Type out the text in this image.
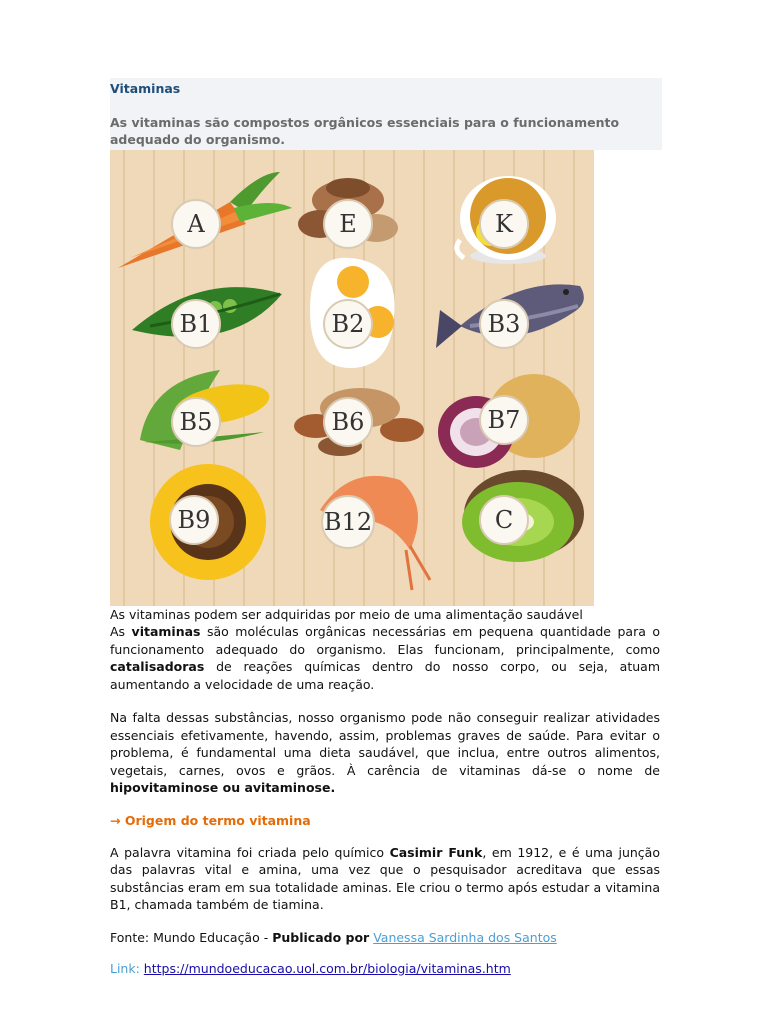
Vitaminas

As vitaminas são compostos orgânicos essenciais para o funcionamento adequado do organismo.

A	E	K
B1	B2	B3
B5	B6	B7
B9	B12	C

As vitaminas podem ser adquiridas por meio de uma alimentação saudável

As vitaminas são moléculas orgânicas necessárias em pequena quantidade para o funcionamento adequado do organismo. Elas funcionam, principalmente, como catalisadoras de reações químicas dentro do nosso corpo, ou seja, atuam aumentando a velocidade de uma reação.

Na falta dessas substâncias, nosso organismo pode não conseguir realizar atividades essenciais efetivamente, havendo, assim, problemas graves de saúde. Para evitar o problema, é fundamental uma dieta saudável, que inclua, entre outros alimentos, vegetais, carnes, ovos e grãos. À carência de vitaminas dá-se o nome de hipovitaminose ou avitaminose.

→ Origem do termo vitamina

A palavra vitamina foi criada pelo químico Casimir Funk, em 1912, e é uma junção das palavras vital e amina, uma vez que o pesquisador acreditava que essas substâncias eram em sua totalidade aminas. Ele criou o termo após estudar a vitamina B1, chamada também de tiamina.

Fonte: Mundo Educação - Publicado por Vanessa Sardinha dos Santos
Link: https://mundoeducacao.uol.com.br/biologia/vitaminas.htm
